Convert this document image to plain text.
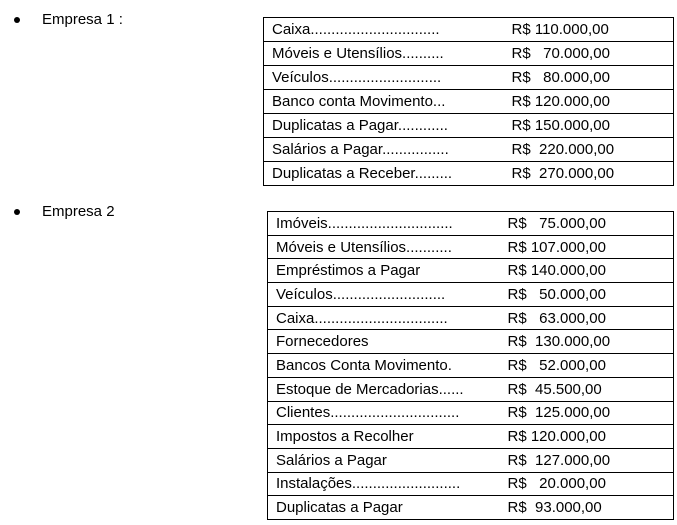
Empresa 1 :
Caixa...............................	R$ 110.000,00
Móveis e Utensílios..........	R$   70.000,00
Veículos...........................	R$   80.000,00
Banco conta Movimento...	R$ 120.000,00
Duplicatas a Pagar............	R$ 150.000,00
Salários a Pagar................	R$  220.000,00
Duplicatas a Receber.........	R$  270.000,00
Empresa 2
Imóveis..............................	R$   75.000,00
Móveis e Utensílios...........	R$ 107.000,00
Empréstimos a Pagar	R$ 140.000,00
Veículos...........................	R$   50.000,00
Caixa................................	R$   63.000,00
Fornecedores	R$  130.000,00
Bancos Conta Movimento.	R$   52.000,00
Estoque de Mercadorias......	R$  45.500,00
Clientes...............................	R$  125.000,00
Impostos a Recolher	R$ 120.000,00
Salários a Pagar	R$  127.000,00
Instalações..........................	R$   20.000,00
Duplicatas a Pagar	R$  93.000,00
